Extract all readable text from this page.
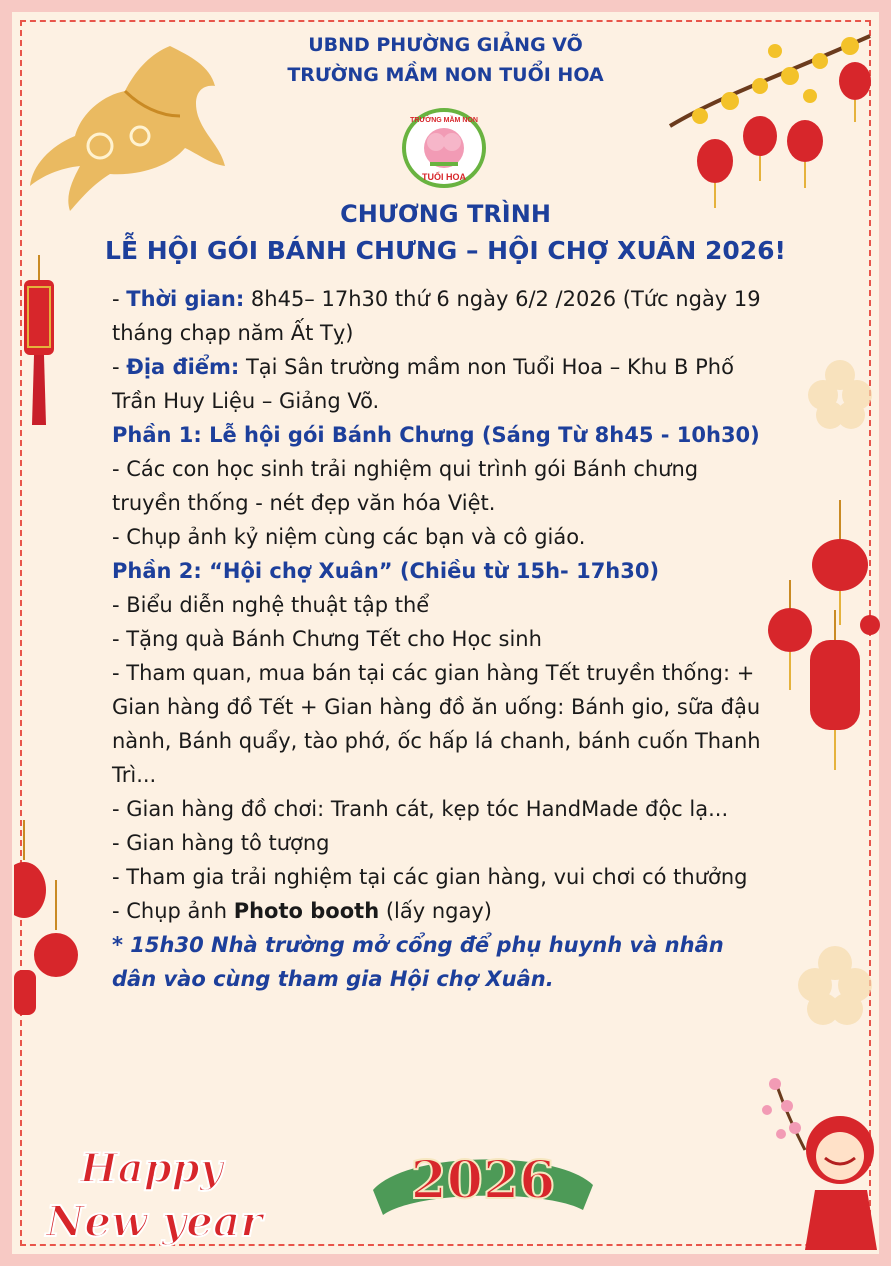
UBND PHƯỜNG GIẢNG VÕ
TRƯỜNG MẦM NON TUỔI HOA
TRƯỜNG MẦM NON
TUỔI HOA
CHƯƠNG TRÌNH
LỄ HỘI GÓI BÁNH CHƯNG – HỘI CHỢ XUÂN 2026!

- Thời gian: 8h45– 17h30 thứ 6 ngày 6/2 /2026 (Tức ngày 19 tháng chạp năm Ất Tỵ)

- Địa điểm: Tại Sân trường mầm non Tuổi Hoa – Khu B Phố Trần Huy Liệu – Giảng Võ.

Phần 1: Lễ hội gói Bánh Chưng (Sáng Từ 8h45 - 10h30)

- Các con học sinh trải nghiệm qui trình gói Bánh chưng truyền thống - nét đẹp văn hóa Việt.

- Chụp ảnh kỷ niệm cùng các bạn và cô giáo.

Phần 2: “Hội chợ Xuân” (Chiều từ 15h- 17h30)

- Biểu diễn nghệ thuật tập thể

- Tặng quà Bánh Chưng Tết cho Học sinh

- Tham quan, mua bán tại các gian hàng Tết truyền thống: + Gian hàng đồ Tết + Gian hàng đồ ăn uống: Bánh gio, sữa đậu nành, Bánh quẩy, tào phớ, ốc hấp lá chanh, bánh cuốn Thanh Trì...

- Gian hàng đồ chơi: Tranh cát, kẹp tóc HandMade độc lạ...

- Gian hàng tô tượng

- Tham gia trải nghiệm tại các gian hàng, vui chơi có thưởng

- Chụp ảnh Photo booth (lấy ngay)

* 15h30 Nhà trường mở cổng để phụ huynh và nhân dân vào cùng tham gia Hội chợ Xuân.

Happy
New year
2026
